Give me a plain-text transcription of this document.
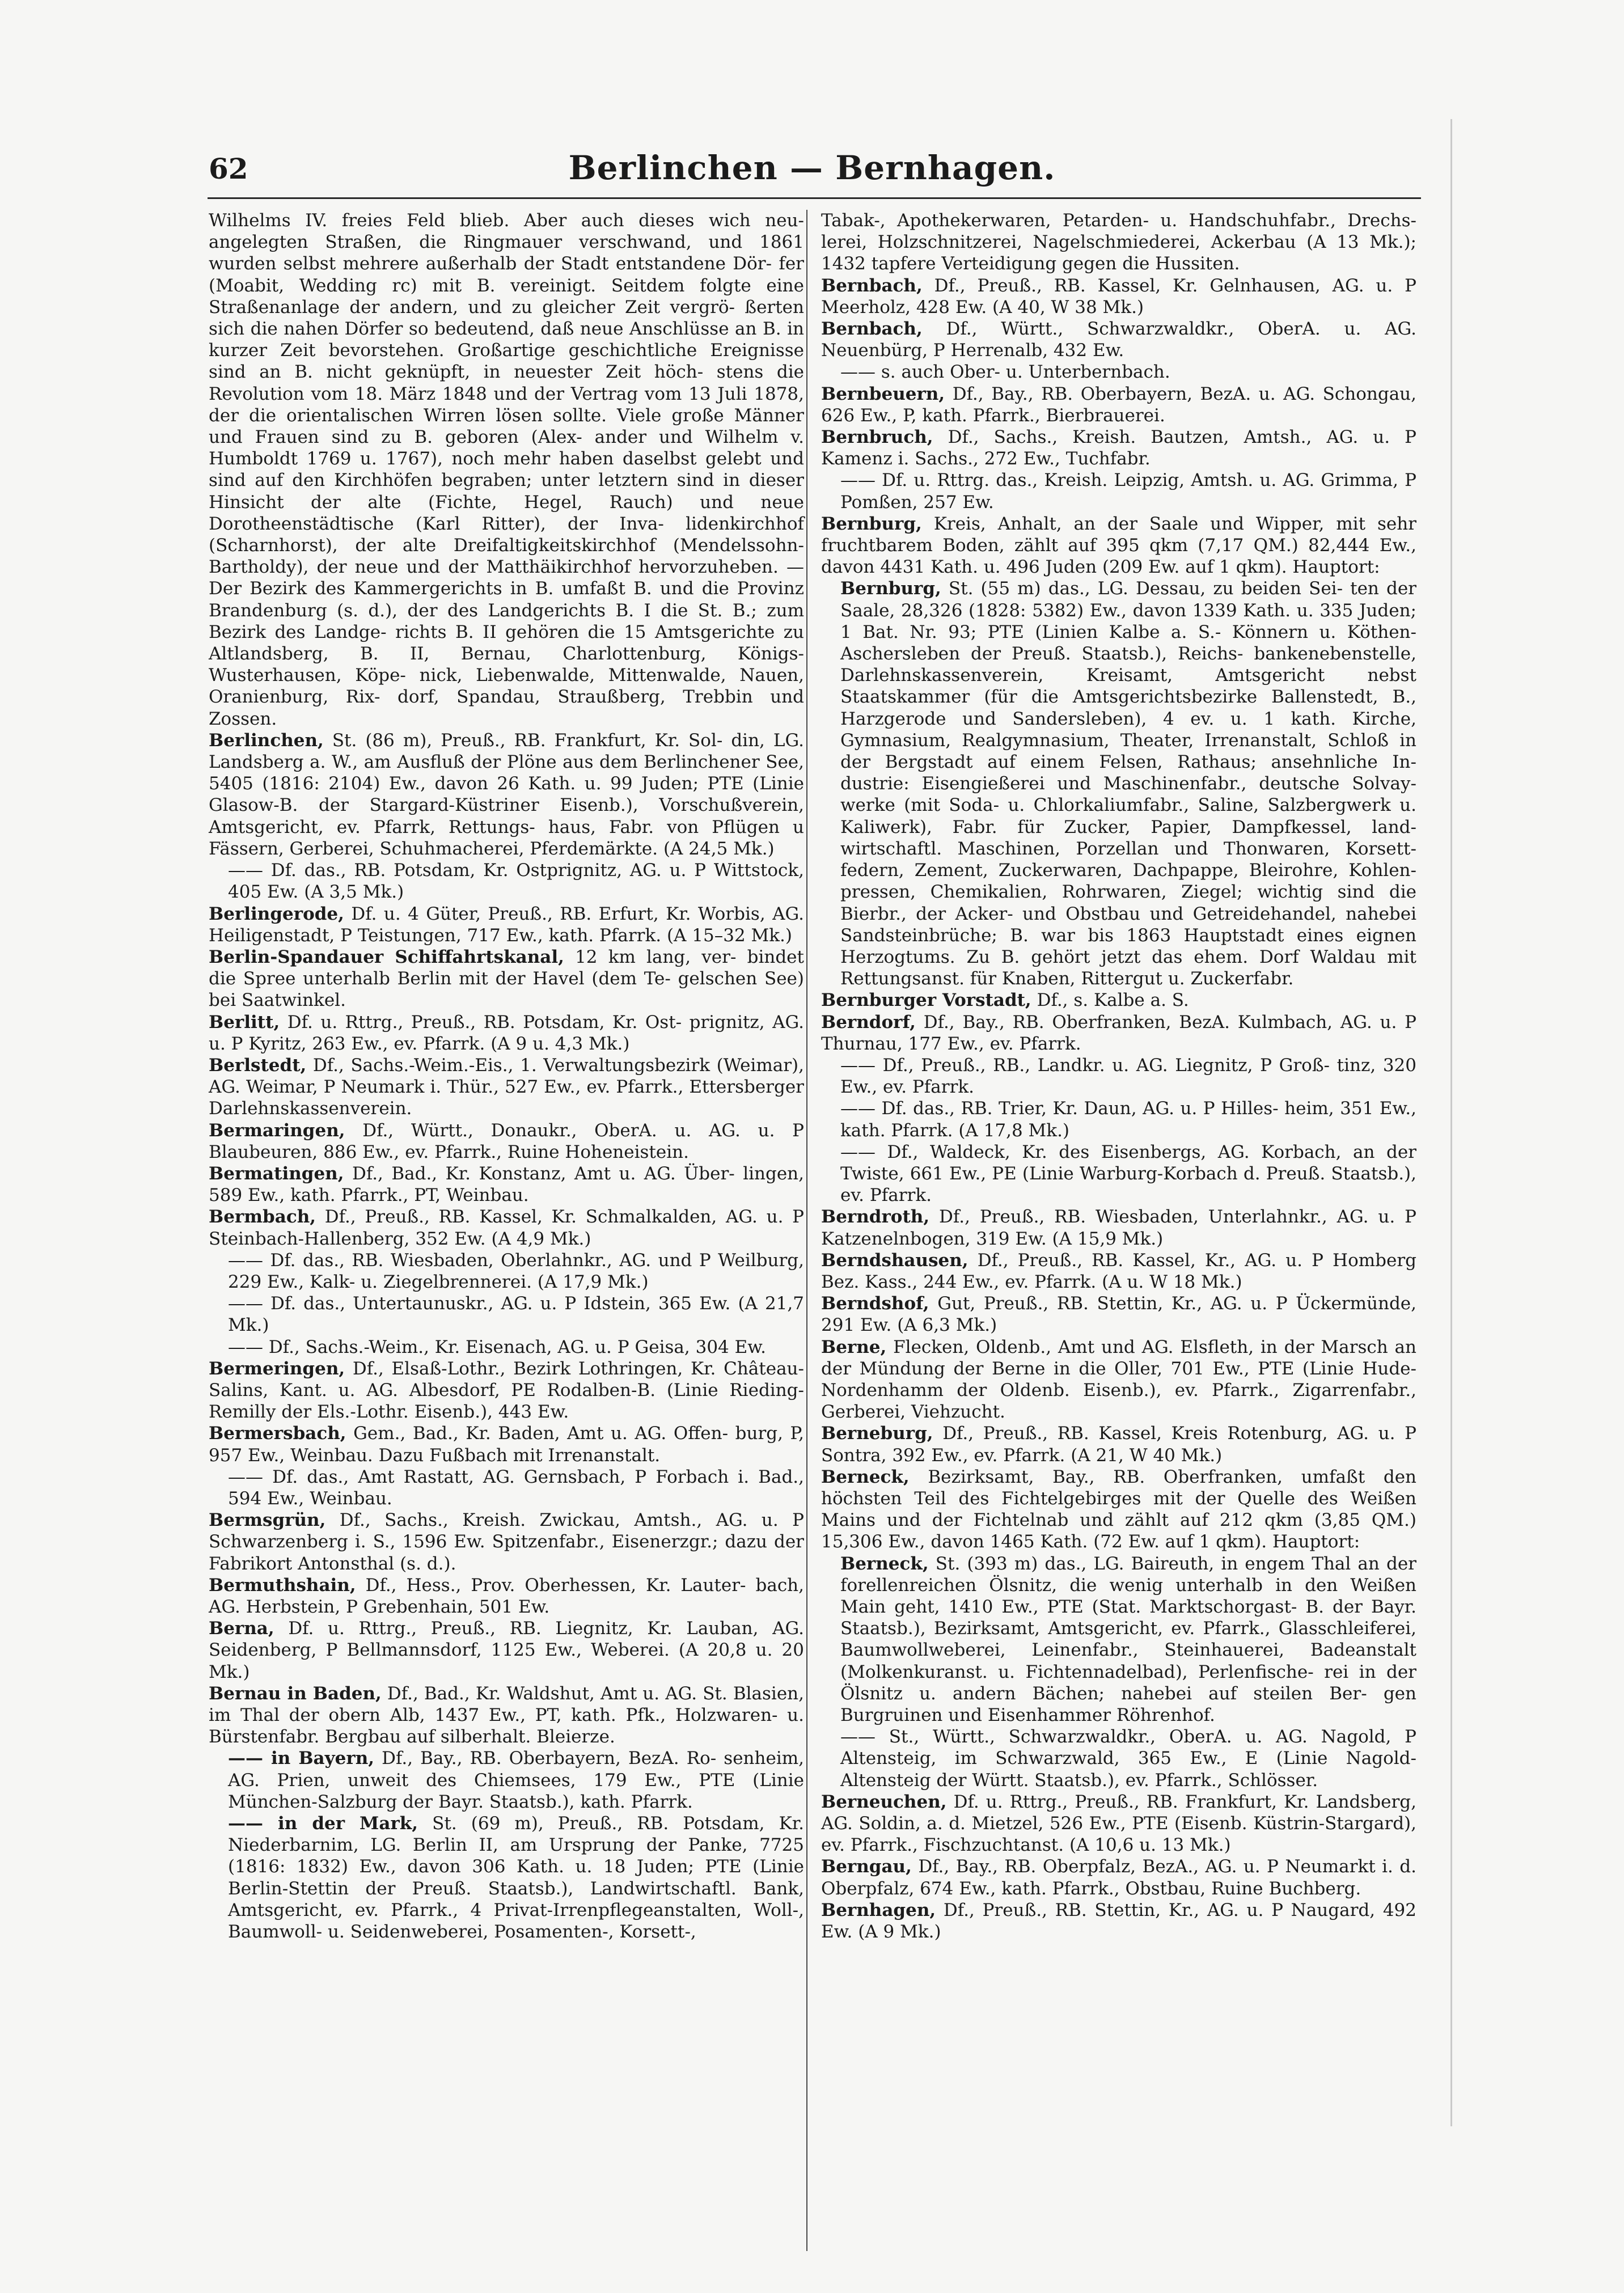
62	Berlinchen — Bernhagen.

Wilhelms IV. freies Feld blieb. Aber auch dieses wich neu- angelegten Straßen, die Ringmauer verschwand, und 1861 wurden selbst mehrere außerhalb der Stadt entstandene Dör- fer (Moabit, Wedding rc) mit B. vereinigt. Seitdem folgte eine Straßenanlage der andern, und zu gleicher Zeit vergrö- ßerten sich die nahen Dörfer so bedeutend, daß neue Anschlüsse an B. in kurzer Zeit bevorstehen. Großartige geschichtliche Ereignisse sind an B. nicht geknüpft, in neuester Zeit höch- stens die Revolution vom 18. März 1848 und der Vertrag vom 13 Juli 1878, der die orientalischen Wirren lösen sollte. Viele große Männer und Frauen sind zu B. geboren (Alex- ander und Wilhelm v. Humboldt 1769 u. 1767), noch mehr haben daselbst gelebt und sind auf den Kirchhöfen begraben; unter letztern sind in dieser Hinsicht der alte (Fichte, Hegel, Rauch) und neue Dorotheenstädtische (Karl Ritter), der Inva- lidenkirchhof (Scharnhorst), der alte Dreifaltigkeitskirchhof (Mendelssohn-Bartholdy), der neue und der Matthäikirchhof hervorzuheben. — Der Bezirk des Kammergerichts in B. umfaßt B. und die Provinz Brandenburg (s. d.), der des Landgerichts B. I die St. B.; zum Bezirk des Landge- richts B. II gehören die 15 Amtsgerichte zu Altlandsberg, B. II, Bernau, Charlottenburg, Königs-Wusterhausen, Köpe- nick, Liebenwalde, Mittenwalde, Nauen, Oranienburg, Rix- dorf, Spandau, Straußberg, Trebbin und Zossen.

Berlinchen, St. (86 m), Preuß., RB. Frankfurt, Kr. Sol- din, LG. Landsberg a. W., am Ausfluß der Plöne aus dem Berlinchener See, 5405 (1816: 2104) Ew., davon 26 Kath. u. 99 Juden; PTE (Linie Glasow-B. der Stargard-Küstriner Eisenb.), Vorschußverein, Amtsgericht, ev. Pfarrk, Rettungs- haus, Fabr. von Pflügen u Fässern, Gerberei, Schuhmacherei, Pferdemärkte. (A 24,5 Mk.)

—— Df. das., RB. Potsdam, Kr. Ostprignitz, AG. u. P Wittstock, 405 Ew. (A 3,5 Mk.)

Berlingerode, Df. u. 4 Güter, Preuß., RB. Erfurt, Kr. Worbis, AG. Heiligenstadt, P Teistungen, 717 Ew., kath. Pfarrk. (A 15–32 Mk.)

Berlin-Spandauer Schiffahrtskanal, 12 km lang, ver- bindet die Spree unterhalb Berlin mit der Havel (dem Te- gelschen See) bei Saatwinkel.

Berlitt, Df. u. Rttrg., Preuß., RB. Potsdam, Kr. Ost- prignitz, AG. u. P Kyritz, 263 Ew., ev. Pfarrk. (A 9 u. 4,3 Mk.)

Berlstedt, Df., Sachs.-Weim.-Eis., 1. Verwaltungsbezirk (Weimar), AG. Weimar, P Neumark i. Thür., 527 Ew., ev. Pfarrk., Ettersberger Darlehnskassenverein.

Bermaringen, Df., Württ., Donaukr., OberA. u. AG. u. P Blaubeuren, 886 Ew., ev. Pfarrk., Ruine Hoheneistein.

Bermatingen, Df., Bad., Kr. Konstanz, Amt u. AG. Über- lingen, 589 Ew., kath. Pfarrk., PT, Weinbau.

Bermbach, Df., Preuß., RB. Kassel, Kr. Schmalkalden, AG. u. P Steinbach-Hallenberg, 352 Ew. (A 4,9 Mk.)

—— Df. das., RB. Wiesbaden, Oberlahnkr., AG. und P Weilburg, 229 Ew., Kalk- u. Ziegelbrennerei. (A 17,9 Mk.)

—— Df. das., Untertaunuskr., AG. u. P Idstein, 365 Ew. (A 21,7 Mk.)

—— Df., Sachs.-Weim., Kr. Eisenach, AG. u. P Geisa, 304 Ew.

Bermeringen, Df., Elsaß-Lothr., Bezirk Lothringen, Kr. Château-Salins, Kant. u. AG. Albesdorf, PE Rodalben-B. (Linie Rieding-Remilly der Els.-Lothr. Eisenb.), 443 Ew.

Bermersbach, Gem., Bad., Kr. Baden, Amt u. AG. Offen- burg, P, 957 Ew., Weinbau. Dazu Fußbach mit Irrenanstalt.

—— Df. das., Amt Rastatt, AG. Gernsbach, P Forbach i. Bad., 594 Ew., Weinbau.

Bermsgrün, Df., Sachs., Kreish. Zwickau, Amtsh., AG. u. P Schwarzenberg i. S., 1596 Ew. Spitzenfabr., Eisenerzgr.; dazu der Fabrikort Antonsthal (s. d.).

Bermuthshain, Df., Hess., Prov. Oberhessen, Kr. Lauter- bach, AG. Herbstein, P Grebenhain, 501 Ew.

Berna, Df. u. Rttrg., Preuß., RB. Liegnitz, Kr. Lauban, AG. Seidenberg, P Bellmannsdorf, 1125 Ew., Weberei. (A 20,8 u. 20 Mk.)

Bernau in Baden, Df., Bad., Kr. Waldshut, Amt u. AG. St. Blasien, im Thal der obern Alb, 1437 Ew., PT, kath. Pfk., Holzwaren- u. Bürstenfabr. Bergbau auf silberhalt. Bleierze.

—— in Bayern, Df., Bay., RB. Oberbayern, BezA. Ro- senheim, AG. Prien, unweit des Chiemsees, 179 Ew., PTE (Linie München-Salzburg der Bayr. Staatsb.), kath. Pfarrk.

—— in der Mark, St. (69 m), Preuß., RB. Potsdam, Kr. Niederbarnim, LG. Berlin II, am Ursprung der Panke, 7725 (1816: 1832) Ew., davon 306 Kath. u. 18 Juden; PTE (Linie Berlin-Stettin der Preuß. Staatsb.), Landwirtschaftl. Bank, Amtsgericht, ev. Pfarrk., 4 Privat-Irrenpflegeanstalten, Woll-, Baumwoll- u. Seidenweberei, Posamenten-, Korsett-,

Tabak-, Apothekerwaren, Petarden- u. Handschuhfabr., Drechs- lerei, Holzschnitzerei, Nagelschmiederei, Ackerbau (A 13 Mk.); 1432 tapfere Verteidigung gegen die Hussiten.

Bernbach, Df., Preuß., RB. Kassel, Kr. Gelnhausen, AG. u. P Meerholz, 428 Ew. (A 40, W 38 Mk.)

Bernbach, Df., Württ., Schwarzwaldkr., OberA. u. AG. Neuenbürg, P Herrenalb, 432 Ew.

—— s. auch Ober- u. Unterbernbach.

Bernbeuern, Df., Bay., RB. Oberbayern, BezA. u. AG. Schongau, 626 Ew., P, kath. Pfarrk., Bierbrauerei.

Bernbruch, Df., Sachs., Kreish. Bautzen, Amtsh., AG. u. P Kamenz i. Sachs., 272 Ew., Tuchfabr.

—— Df. u. Rttrg. das., Kreish. Leipzig, Amtsh. u. AG. Grimma, P Pomßen, 257 Ew.

Bernburg, Kreis, Anhalt, an der Saale und Wipper, mit sehr fruchtbarem Boden, zählt auf 395 qkm (7,17 QM.) 82,444 Ew., davon 4431 Kath. u. 496 Juden (209 Ew. auf 1 qkm). Hauptort:

Bernburg, St. (55 m) das., LG. Dessau, zu beiden Sei- ten der Saale, 28,326 (1828: 5382) Ew., davon 1339 Kath. u. 335 Juden; 1 Bat. Nr. 93; PTE (Linien Kalbe a. S.- Könnern u. Köthen-Aschersleben der Preuß. Staatsb.), Reichs- bankenebenstelle, Darlehnskassenverein, Kreisamt, Amtsgericht nebst Staatskammer (für die Amtsgerichtsbezirke Ballenstedt, B., Harzgerode und Sandersleben), 4 ev. u. 1 kath. Kirche, Gymnasium, Realgymnasium, Theater, Irrenanstalt, Schloß in der Bergstadt auf einem Felsen, Rathaus; ansehnliche In- dustrie: Eisengießerei und Maschinenfabr., deutsche Solvay- werke (mit Soda- u. Chlorkaliumfabr., Saline, Salzbergwerk u. Kaliwerk), Fabr. für Zucker, Papier, Dampfkessel, land- wirtschaftl. Maschinen, Porzellan und Thonwaren, Korsett- federn, Zement, Zuckerwaren, Dachpappe, Bleirohre, Kohlen- pressen, Chemikalien, Rohrwaren, Ziegel; wichtig sind die Bierbr., der Acker- und Obstbau und Getreidehandel, nahebei Sandsteinbrüche; B. war bis 1863 Hauptstadt eines eignen Herzogtums. Zu B. gehört jetzt das ehem. Dorf Waldau mit Rettungsanst. für Knaben, Rittergut u. Zuckerfabr.

Bernburger Vorstadt, Df., s. Kalbe a. S.

Berndorf, Df., Bay., RB. Oberfranken, BezA. Kulmbach, AG. u. P Thurnau, 177 Ew., ev. Pfarrk.

—— Df., Preuß., RB., Landkr. u. AG. Liegnitz, P Groß- tinz, 320 Ew., ev. Pfarrk.

—— Df. das., RB. Trier, Kr. Daun, AG. u. P Hilles- heim, 351 Ew., kath. Pfarrk. (A 17,8 Mk.)

—— Df., Waldeck, Kr. des Eisenbergs, AG. Korbach, an der Twiste, 661 Ew., PE (Linie Warburg-Korbach d. Preuß. Staatsb.), ev. Pfarrk.

Berndroth, Df., Preuß., RB. Wiesbaden, Unterlahnkr., AG. u. P Katzenelnbogen, 319 Ew. (A 15,9 Mk.)

Berndshausen, Df., Preuß., RB. Kassel, Kr., AG. u. P Homberg Bez. Kass., 244 Ew., ev. Pfarrk. (A u. W 18 Mk.)

Berndshof, Gut, Preuß., RB. Stettin, Kr., AG. u. P Ückermünde, 291 Ew. (A 6,3 Mk.)

Berne, Flecken, Oldenb., Amt und AG. Elsfleth, in der Marsch an der Mündung der Berne in die Oller, 701 Ew., PTE (Linie Hude-Nordenhamm der Oldenb. Eisenb.), ev. Pfarrk., Zigarrenfabr., Gerberei, Viehzucht.

Berneburg, Df., Preuß., RB. Kassel, Kreis Rotenburg, AG. u. P Sontra, 392 Ew., ev. Pfarrk. (A 21, W 40 Mk.)

Berneck, Bezirksamt, Bay., RB. Oberfranken, umfaßt den höchsten Teil des Fichtelgebirges mit der Quelle des Weißen Mains und der Fichtelnab und zählt auf 212 qkm (3,85 QM.) 15,306 Ew., davon 1465 Kath. (72 Ew. auf 1 qkm). Hauptort:

Berneck, St. (393 m) das., LG. Baireuth, in engem Thal an der forellenreichen Ölsnitz, die wenig unterhalb in den Weißen Main geht, 1410 Ew., PTE (Stat. Marktschorgast- B. der Bayr. Staatsb.), Bezirksamt, Amtsgericht, ev. Pfarrk., Glasschleiferei, Baumwollweberei, Leinenfabr., Steinhauerei, Badeanstalt (Molkenkuranst. u. Fichtennadelbad), Perlenfische- rei in der Ölsnitz u. andern Bächen; nahebei auf steilen Ber- gen Burgruinen und Eisenhammer Röhrenhof.

—— St., Württ., Schwarzwaldkr., OberA. u. AG. Nagold, P Altensteig, im Schwarzwald, 365 Ew., E (Linie Nagold- Altensteig der Württ. Staatsb.), ev. Pfarrk., Schlösser.

Berneuchen, Df. u. Rttrg., Preuß., RB. Frankfurt, Kr. Landsberg, AG. Soldin, a. d. Mietzel, 526 Ew., PTE (Eisenb. Küstrin-Stargard), ev. Pfarrk., Fischzuchtanst. (A 10,6 u. 13 Mk.)

Berngau, Df., Bay., RB. Oberpfalz, BezA., AG. u. P Neumarkt i. d. Oberpfalz, 674 Ew., kath. Pfarrk., Obstbau, Ruine Buchberg.

Bernhagen, Df., Preuß., RB. Stettin, Kr., AG. u. P Naugard, 492 Ew. (A 9 Mk.)
